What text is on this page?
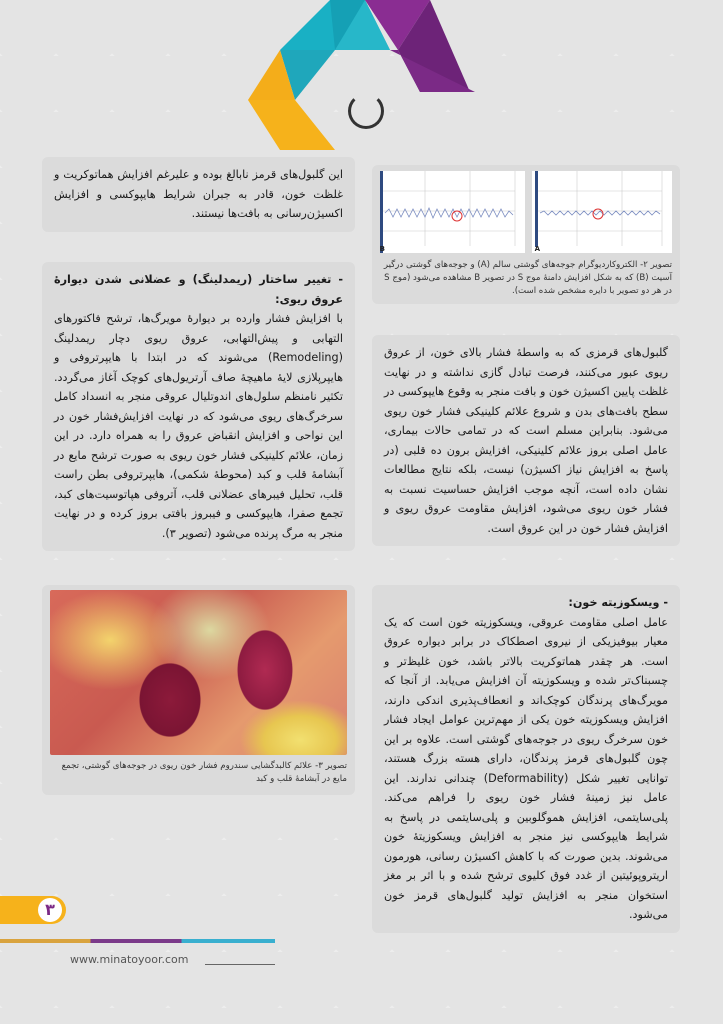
این گلبول‌های قرمز نابالغ بوده و علیرغم افزایش هماتوکریت و غلظت خون، قادر به جبران شرایط هایپوکسی و افزایش اکسیژن‌رسانی به بافت‌ها نیستند.

B	A
تصویر ۲- الکتروکاردیوگرام جوجه‌های گوشتی سالم (A) و جوجه‌های گوشتی درگیر آسیت (B) که به شکل افزایش دامنهٔ موج S در تصویر B مشاهده می‌شود (موج S در هر دو تصویر با دایره مشخص شده است).

- تغییر ساختار (ریمدلینگ) و عضلانی شدن دیوارهٔ عروق ریوی:

با افزایش فشار وارده بر دیوارهٔ مویرگ‌ها، ترشح فاکتورهای التهابی و پیش‌التهابی، عروق ریوی دچار ریمدلینگ (Remodeling) می‌شوند که در ابتدا با هایپرتروفی و هایپرپلازی لایهٔ ماهیچهٔ صاف آرتریول‌های کوچک آغاز می‌گردد. تکثیر نامنظم سلول‌های اندوتلیال عروقی منجر به انسداد کامل سرخرگ‌های ریوی می‌شود که در نهایت افزایش‌فشار خون در این نواحی و افزایش انقباض عروق را به همراه دارد. در این زمان، علائم کلینیکی فشار خون ریوی به صورت ترشح مایع در آبشامهٔ قلب و کبد (محوطهٔ شکمی)، هایپرتروفی بطن راست قلب، تحلیل فیبرهای عضلانی قلب، آتروفی هپاتوسیت‌های کبد، تجمع صفرا، هایپوکسی و فیبروز بافتی بروز کرده و در نهایت منجر به مرگ پرنده می‌شود (تصویر ۳).

گلبول‌های قرمزی که به واسطهٔ فشار بالای خون، از عروق ریوی عبور می‌کنند، فرصت تبادل گازی نداشته و در نهایت غلظت پایین اکسیژن خون و بافت منجر به وقوع هایپوکسی در سطح بافت‌های بدن و شروع علائم کلینیکی فشار خون ریوی می‌شود. بنابراین مسلم است که در تمامی حالات بیماری، عامل اصلی بروز علائم کلینیکی، افزایش برون ده قلبی (در پاسخ به افزایش نیاز اکسیژن) نیست، بلکه نتایج مطالعات نشان داده است، آنچه موجب افزایش حساسیت نسبت به فشار خون ریوی می‌شود، افزایش مقاومت عروق ریوی و افزایش فشار خون در این عروق است.

تصویر ۳- علائم کالبدگشایی سندروم فشار خون ریوی در جوجه‌های گوشتی، تجمع مایع در آبشامهٔ قلب و کبد

- ویسکوزیته خون:

عامل اصلی مقاومت عروقی، ویسکوزیته خون است که یک معیار بیوفیزیکی از نیروی اصطکاک در برابر دیواره عروق است. هر چقدر هماتوکریت بالاتر باشد، خون غلیظ‌تر و چسبناک‌تر شده و ویسکوزیته آن افزایش می‌یابد. از آنجا که مویرگ‌های پرندگان کوچک‌اند و انعطاف‌پذیری اندکی دارند، افزایش ویسکوزیته خون یکی از مهم‌ترین عوامل ایجاد فشار خون سرخرگ ریوی در جوجه‌های گوشتی است. علاوه بر این چون گلبول‌های قرمز پرندگان، دارای هسته بزرگ هستند، توانایی تغییر شکل (Deformability) چندانی ندارند. این عامل نیز زمینهٔ فشار خون ریوی را فراهم می‌کند. پلی‌سایتمی، افزایش هموگلوبین و پلی‌سایتمی در پاسخ به شرایط هایپوکسی نیز منجر به افزایش ویسکوزیتهٔ خون می‌شوند. بدین صورت که با کاهش اکسیژن رسانی، هورمون اریتروپوئیتین از غدد فوق کلیوی ترشح شده و با اثر بر مغز استخوان منجر به افزایش تولید گلبول‌های قرمز خون می‌شود.

۳
www.minatoyoor.com
